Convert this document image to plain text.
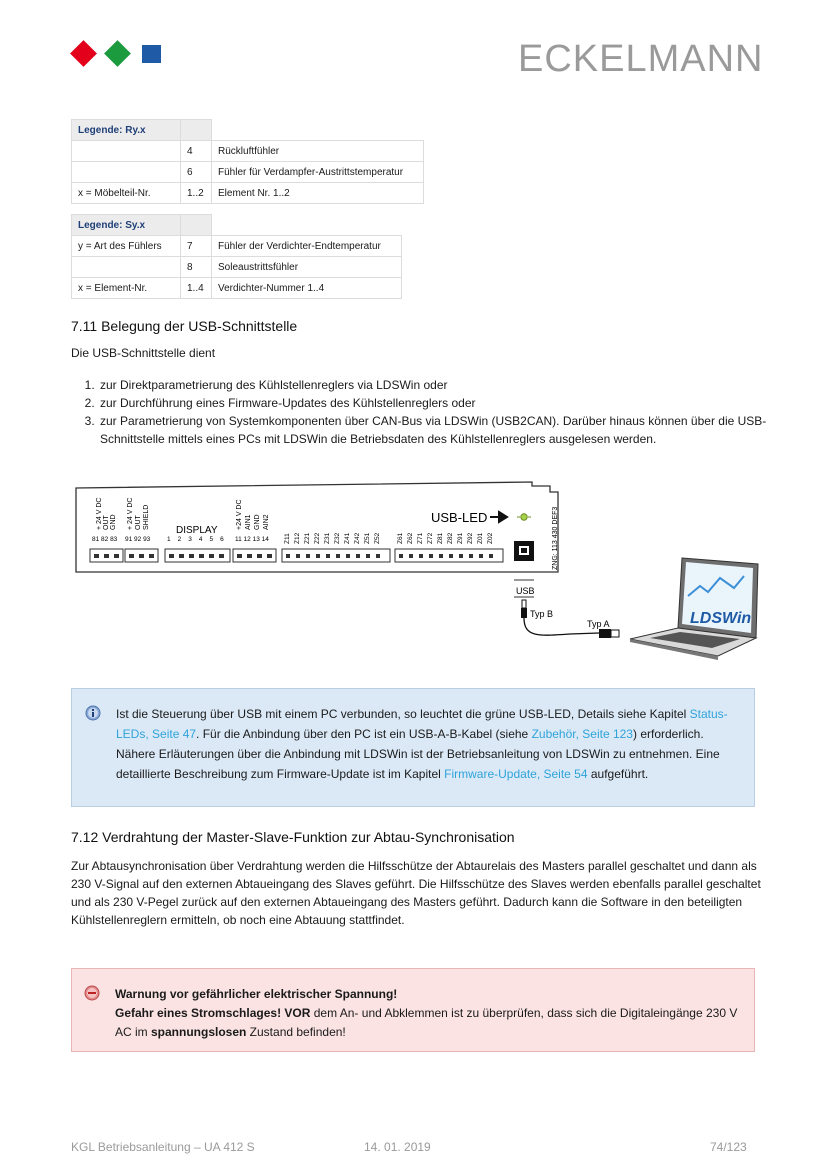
ECKELMANN
Legende: Ry.x		
	4	Rückluftfühler
	6	Fühler für Verdampfer-Austrittstemperatur
x = Möbelteil-Nr.	1..2	Element Nr. 1..2
Legende: Sy.x		
y = Art des Fühlers	7	Fühler der Verdichter-Endtemperatur
	8	Soleaustrittsfühler
x = Element-Nr.	1..4	Verdichter-Nummer 1..4
7.11 Belegung der USB-Schnittstelle
Die USB-Schnittstelle dient
1. zur Direktparametrierung des Kühlstellenreglers via LDSWin oder
2. zur Durchführung eines Firmware-Updates des Kühlstellenreglers oder
3. zur Parametrierung von Systemkomponenten über CAN-Bus via LDSWin (USB2CAN). Darüber hinaus können über die USB-Schnittstelle mittels eines PCs mit LDSWin die Betriebsdaten des Kühlstellenreglers ausgelesen werden.
+ 24 V DC OUT GND
81 82 83
+ 24 V DC OUT SHIELD
91 92 93
DISPLAY
1 2 3 4 5 6
+24 V DC AIN1 GND AIN2
11 12 13 14 Z11 Z12 Z21 Z22 Z31 Z32 Z41 Z42 Z51 Z52 Z61 Z62 Z71 Z72 Z81 Z82 Z91 Z92 Z01 Z02
USB-LED	ZNG: 113 430 DEF3
USB
Typ B
Typ A	LDSWin
Ist die Steuerung über USB mit einem PC verbunden, so leuchtet die grüne USB-LED, Details siehe Kapitel Status-LEDs, Seite 47. Für die Anbindung über den PC ist ein USB-A-B-Kabel (siehe Zubehör, Seite 123) erforderlich. Nähere Erläuterungen über die Anbindung mit LDSWin ist der Betriebsanleitung von LDSWin zu entnehmen. Eine detaillierte Beschreibung zum Firmware-Update ist im Kapitel Firmware-Update, Seite 54 aufgeführt.
7.12 Verdrahtung der Master-Slave-Funktion zur Abtau-Synchronisation
Zur Abtausynchronisation über Verdrahtung werden die Hilfsschütze der Abtaurelais des Masters parallel geschaltet und dann als 230 V-Signal auf den externen Abtaueingang des Slaves geführt. Die Hilfsschütze des Slaves werden ebenfalls parallel geschaltet und als 230 V-Pegel zurück auf den externen Abtaueingang des Masters geführt. Dadurch kann die Software in den beteiligten Kühlstellenreglern ermitteln, ob noch eine Abtauung stattfindet.
Warnung vor gefährlicher elektrischer Spannung!
Gefahr eines Stromschlages! VOR dem An- und Abklemmen ist zu überprüfen, dass sich die Digitaleingänge 230 V AC im spannungslosen Zustand befinden!
KGL Betriebsanleitung – UA 412 S	14. 01. 2019	74/123
